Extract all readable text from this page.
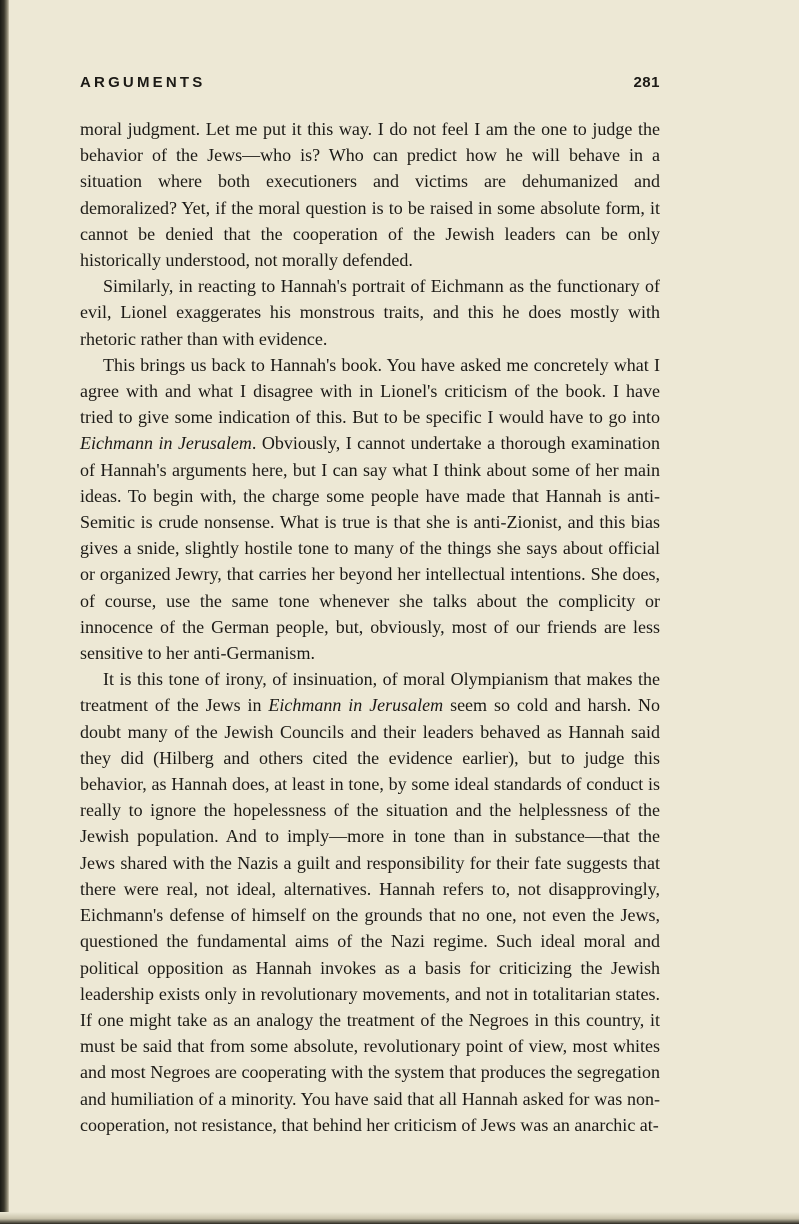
ARGUMENTS	281

moral judgment. Let me put it this way. I do not feel I am the one to judge the behavior of the Jews—who is? Who can predict how he will behave in a situation where both executioners and victims are dehumanized and demoralized? Yet, if the moral question is to be raised in some absolute form, it cannot be denied that the cooperation of the Jewish leaders can be only historically understood, not morally defended.

Similarly, in reacting to Hannah's portrait of Eichmann as the functionary of evil, Lionel exaggerates his monstrous traits, and this he does mostly with rhetoric rather than with evidence.

This brings us back to Hannah's book. You have asked me concretely what I agree with and what I disagree with in Lionel's criticism of the book. I have tried to give some indication of this. But to be specific I would have to go into Eichmann in Jerusalem. Obviously, I cannot undertake a thorough examination of Hannah's arguments here, but I can say what I think about some of her main ideas. To begin with, the charge some people have made that Hannah is anti-Semitic is crude nonsense. What is true is that she is anti-Zionist, and this bias gives a snide, slightly hostile tone to many of the things she says about official or organized Jewry, that carries her beyond her intellectual intentions. She does, of course, use the same tone whenever she talks about the complicity or innocence of the German people, but, obviously, most of our friends are less sensitive to her anti-Germanism.

It is this tone of irony, of insinuation, of moral Olympianism that makes the treatment of the Jews in Eichmann in Jerusalem seem so cold and harsh. No doubt many of the Jewish Councils and their leaders behaved as Hannah said they did (Hilberg and others cited the evidence earlier), but to judge this behavior, as Hannah does, at least in tone, by some ideal standards of conduct is really to ignore the hopelessness of the situation and the helplessness of the Jewish population. And to imply—more in tone than in substance—that the Jews shared with the Nazis a guilt and responsibility for their fate suggests that there were real, not ideal, alternatives. Hannah refers to, not disapprovingly, Eichmann's defense of himself on the grounds that no one, not even the Jews, questioned the fundamental aims of the Nazi regime. Such ideal moral and political opposition as Hannah invokes as a basis for criticizing the Jewish leadership exists only in revolutionary movements, and not in totalitarian states. If one might take as an analogy the treatment of the Negroes in this country, it must be said that from some absolute, revolutionary point of view, most whites and most Negroes are cooperating with the system that produces the segregation and humiliation of a minority. You have said that all Hannah asked for was non-cooperation, not resistance, that behind her criticism of Jews was an anarchic at-
